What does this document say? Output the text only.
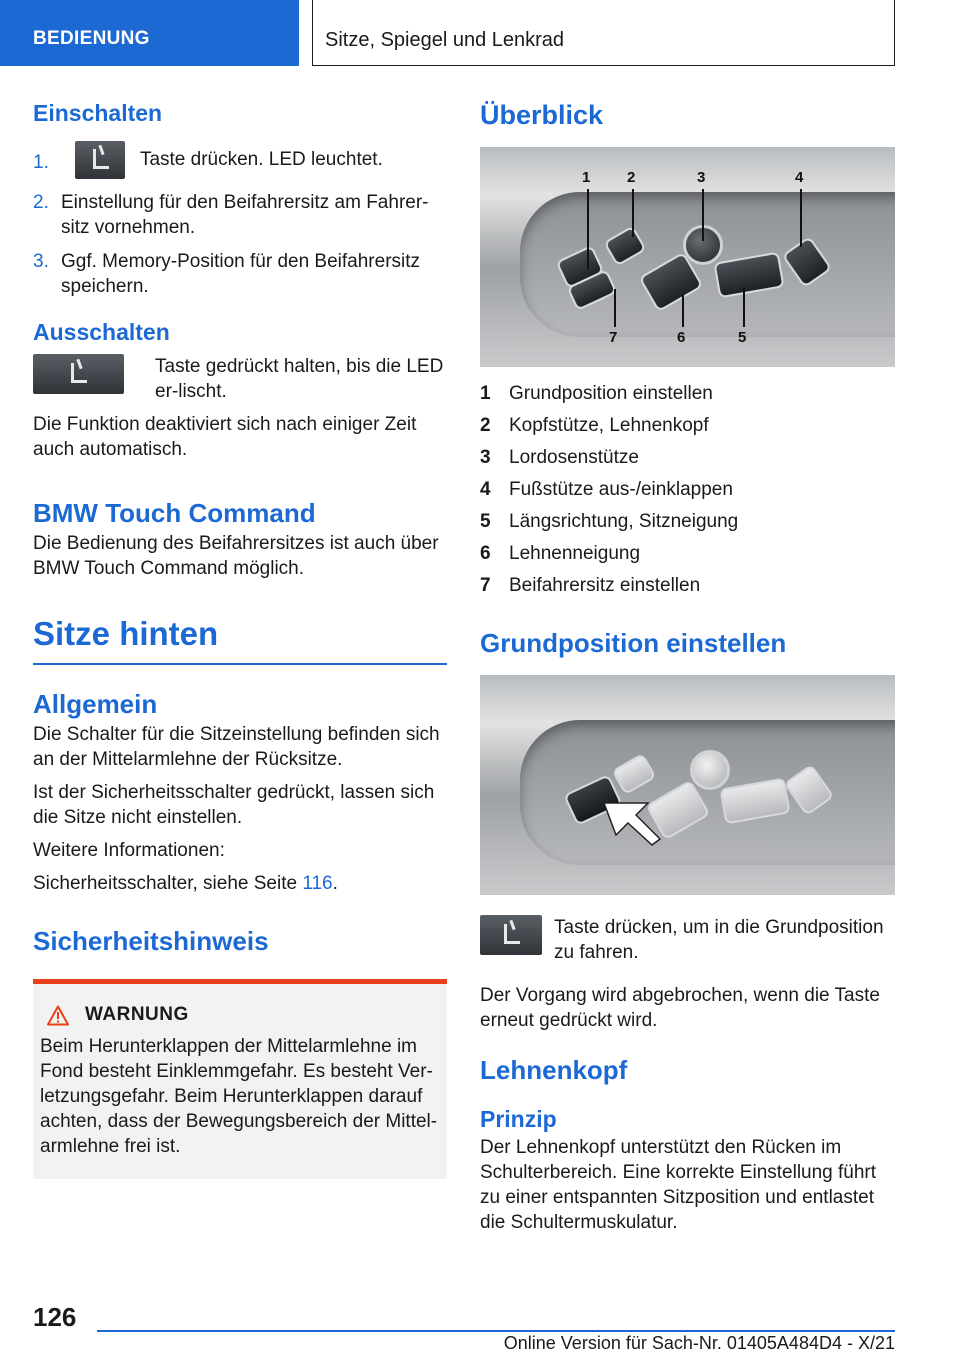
BEDIENUNG	Sitze, Spiegel und Lenkrad
Einschalten
1.	Taste drücken. LED leuchtet.
2. Einstellung für den Beifahrersitz am Fahrer-sitz vornehmen.
3. Ggf. Memory-Position für den Beifahrersitz speichern.
Ausschalten

Taste gedrückt halten, bis die LED er-lischt.

Die Funktion deaktiviert sich nach einiger Zeit auch automatisch.

BMW Touch Command

Die Bedienung des Beifahrersitzes ist auch über BMW Touch Command möglich.

Sitze hinten
Allgemein

Die Schalter für die Sitzeinstellung befinden sich an der Mittelarmlehne der Rücksitze.

Ist der Sicherheitsschalter gedrückt, lassen sich die Sitze nicht einstellen.

Weitere Informationen:

Sicherheitsschalter, siehe Seite 116.

Sicherheitshinweis
WARNUNG

Beim Herunterklappen der Mittelarmlehne im Fond besteht Einklemmgefahr. Es besteht Ver-letzungsgefahr. Beim Herunterklappen darauf achten, dass der Bewegungsbereich der Mittel-armlehne frei ist.

Überblick
1 2	3	4
7	6	5
1 Grundposition einstellen
2 Kopfstütze, Lehnenkopf
3 Lordosenstütze
4 Fußstütze aus-/einklappen
5 Längsrichtung, Sitzneigung
6 Lehnenneigung
7 Beifahrersitz einstellen
Grundposition einstellen

Taste drücken, um in die Grundposition zu fahren.

Der Vorgang wird abgebrochen, wenn die Taste erneut gedrückt wird.

Lehnenkopf
Prinzip

Der Lehnenkopf unterstützt den Rücken im Schulterbereich. Eine korrekte Einstellung führt zu einer entspannten Sitzposition und entlastet die Schultermuskulatur.

126
Online Version für Sach-Nr. 01405A484D4 - X/21
